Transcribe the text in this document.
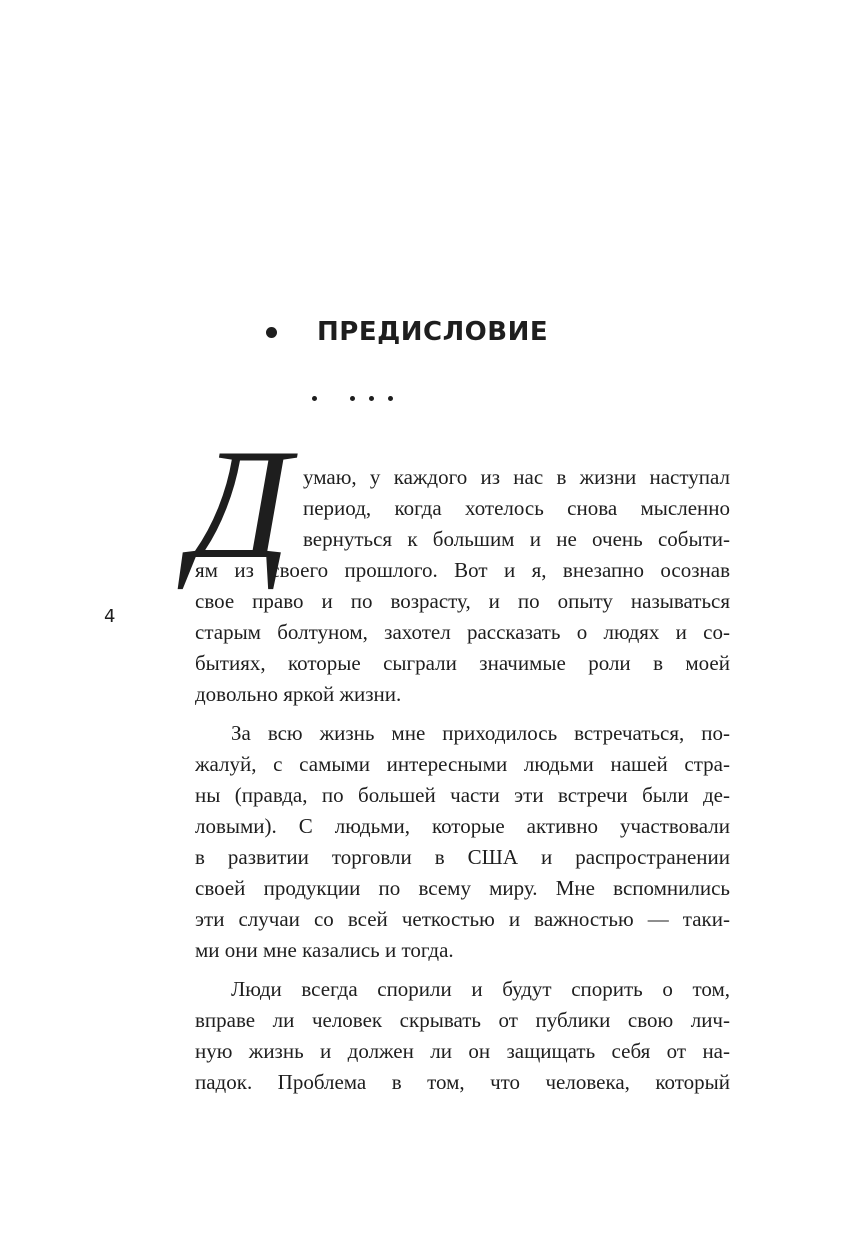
ПРЕДИСЛОВИЕ
4
Д умаю, у каждого из нас в жизни наступал
период, когда хотелось снова мысленно
вернуться к большим и не очень событи-
ям из своего прошлого. Вот и я, внезапно осознав
свое право и по возрасту, и по опыту называться
старым болтуном, захотел рассказать о людях и со-
бытиях, которые сыграли значимые роли в моей
довольно яркой жизни.
За всю жизнь мне приходилось встречаться, по-
жалуй, с самыми интересными людьми нашей стра-
ны (правда, по большей части эти встречи были де-
ловыми). С людьми, которые активно участвовали
в развитии торговли в США и распространении
своей продукции по всему миру. Мне вспомнились
эти случаи со всей четкостью и важностью — таки-
ми они мне казались и тогда.
Люди всегда спорили и будут спорить о том,
вправе ли человек скрывать от публики свою лич-
ную жизнь и должен ли он защищать себя от на-
падок. Проблема в том, что человека, который
